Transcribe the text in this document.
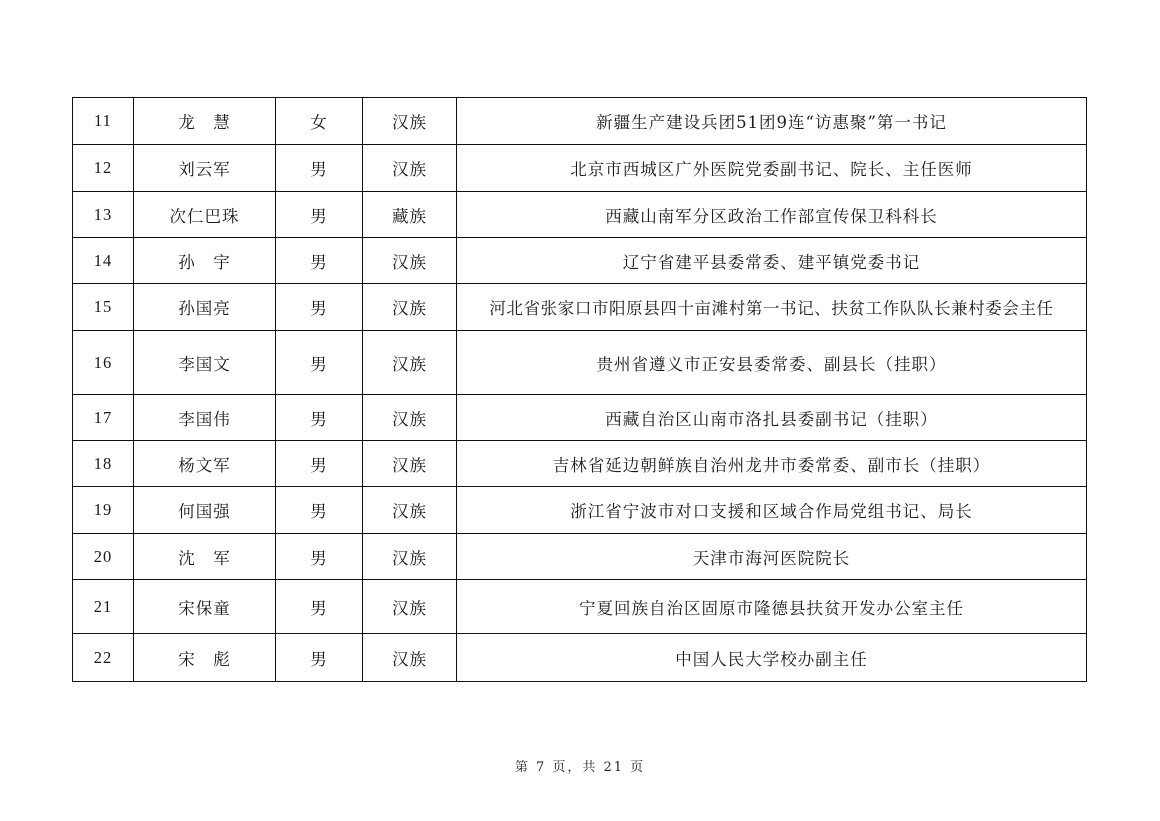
11	龙　慧	女	汉族	新疆生产建设兵团51团9连“访惠聚”第一书记
12	刘云军	男	汉族	北京市西城区广外医院党委副书记、院长、主任医师
13	次仁巴珠	男	藏族	西藏山南军分区政治工作部宣传保卫科科长
14	孙　宇	男	汉族	辽宁省建平县委常委、建平镇党委书记
15	孙国亮	男	汉族	河北省张家口市阳原县四十亩滩村第一书记、扶贫工作队队长兼村委会主任
16	李国文	男	汉族	贵州省遵义市正安县委常委、副县长（挂职）
17	李国伟	男	汉族	西藏自治区山南市洛扎县委副书记（挂职）
18	杨文军	男	汉族	吉林省延边朝鲜族自治州龙井市委常委、副市长（挂职）
19	何国强	男	汉族	浙江省宁波市对口支援和区域合作局党组书记、局长
20	沈　军	男	汉族	天津市海河医院院长
21	宋保童	男	汉族	宁夏回族自治区固原市隆德县扶贫开发办公室主任
22	宋　彪	男	汉族	中国人民大学校办副主任
第 7 页，共 21 页
